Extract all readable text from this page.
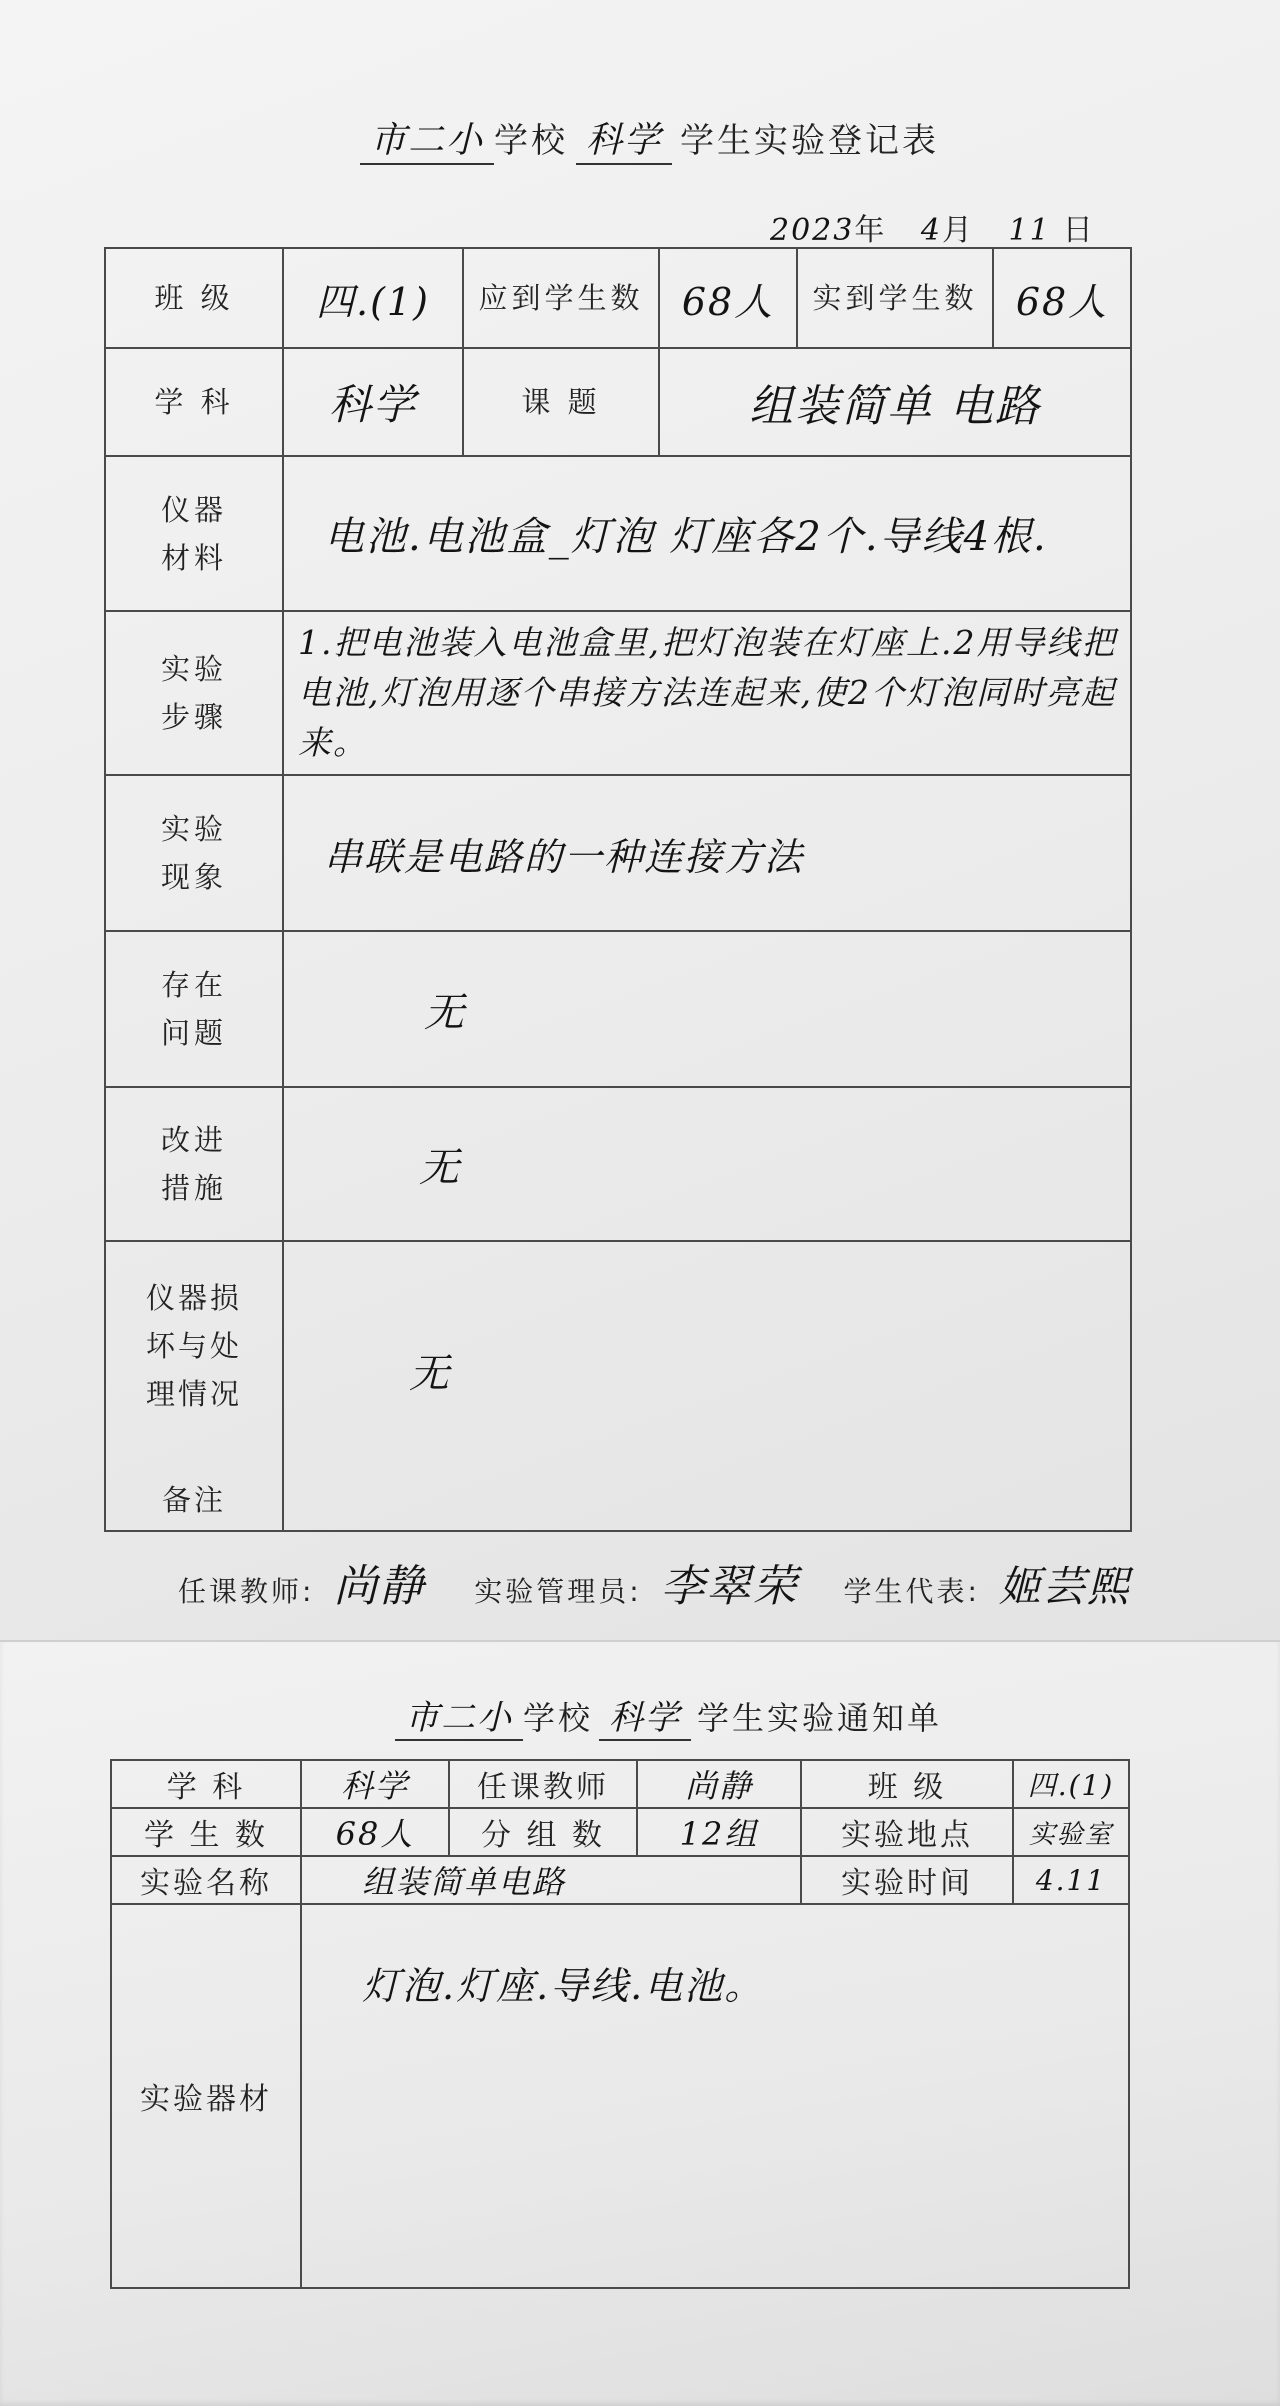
市二小 学校 科学 学生实验登记表
2023年 4月 11 日
班 级	四.(1)	应到学生数	68人	实到学生数	68人
学 科	科学	课 题	组装简单 电路		
仪器
材料	电池.电池盒_灯泡 灯座各2个.导线4根.				
实验
步骤	1.把电池装入电池盒里,把灯泡装在灯座上.2用导线把电池,灯泡用逐个串接方法连起来,使2个灯泡同时亮起来。				
实验
现象	串联是电路的一种连接方法				
存在
问题	无				
改进
措施	无				

仪器损
坏与处
理情况
备注	无				
任课教师: 尚静 实验管理员: 李翠荣 学生代表: 姬芸熙
市二小 学校 科学 学生实验通知单
学 科	科学	任课教师	尚静	班 级	四.(1)
学 生 数	68人	分 组 数	12组	实验地点	实验室
实验名称	组装简单电路			实验时间	4.11
实验器材	灯泡.灯座.导线.电池。				
